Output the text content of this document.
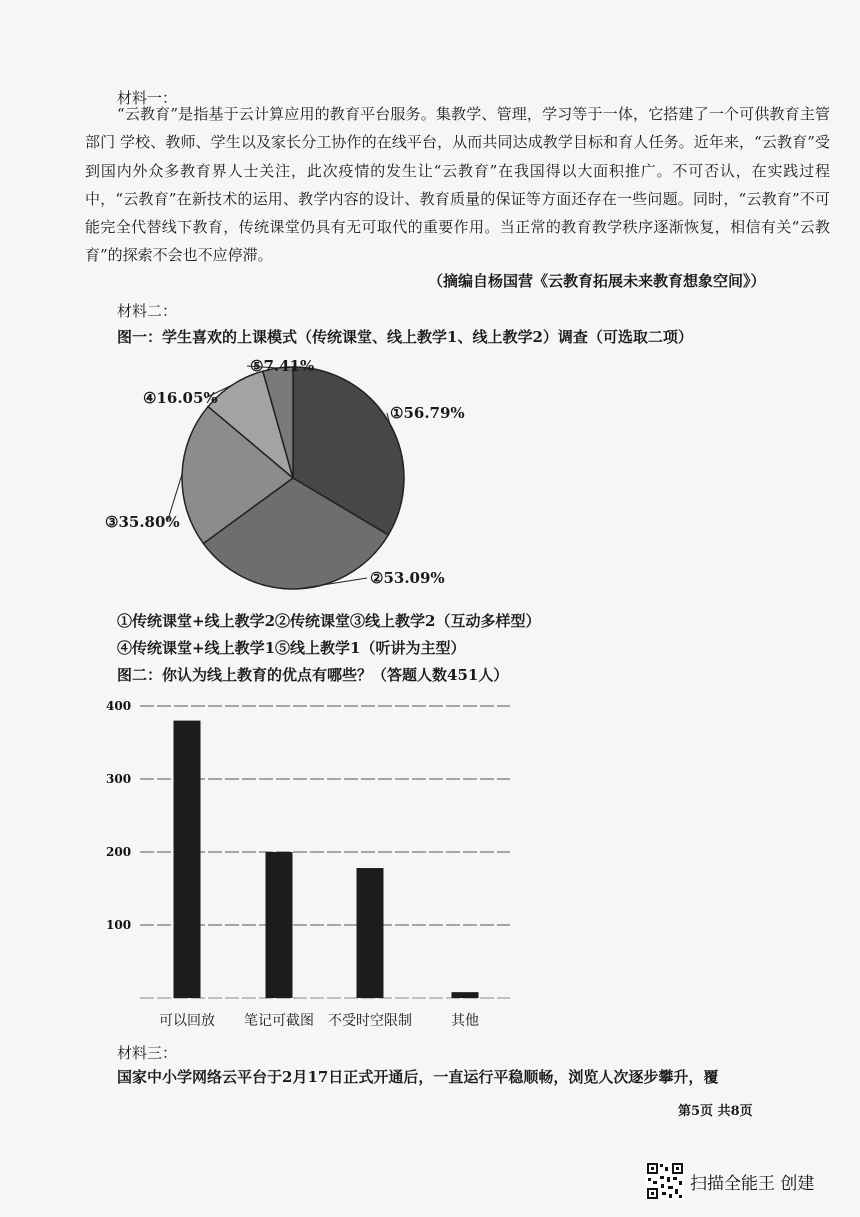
材料一：
“云教育”是指基于云计算应用的教育平台服务。集教学、管理，学习等于一体，它搭建了一个可供教育主管部门 学校、教师、学生以及家长分工协作的在线平台，从而共同达成教学目标和育人任务。近年来，“云教育”受到国内外众多教育界人士关注，此次疫情的发生让“云教育”在我国得以大面积推广。不可否认，在实践过程中，“云教育”在新技术的运用、教学内容的设计、教育质量的保证等方面还存在一些问题。同时，“云教育”不可能完全代替线下教育，传统课堂仍具有无可取代的重要作用。当正常的教育教学秩序逐渐恢复，相信有关“云教育”的探索不会也不应停滞。
（摘编自杨国营《云教育拓展未来教育想象空间》）
材料二：
图一：学生喜欢的上课模式（传统课堂、线上教学1、线上教学2）调查（可选取二项）
①56.79%
②53.09%
③35.80%
④16.05%
⑤7.41%
①传统课堂+线上教学2②传统课堂③线上教学2（互动多样型）
④传统课堂+线上教学1⑤线上教学1（听讲为主型）
图二：你认为线上教育的优点有哪些？（答题人数451人）
100
200
300
400
可以回放 笔记可截图 不受时空限制	其他
材料三：
国家中小学网络云平台于2月17日正式开通后，一直运行平稳顺畅，浏览人次逐步攀升，覆
第5页 共8页
扫描全能王 创建
